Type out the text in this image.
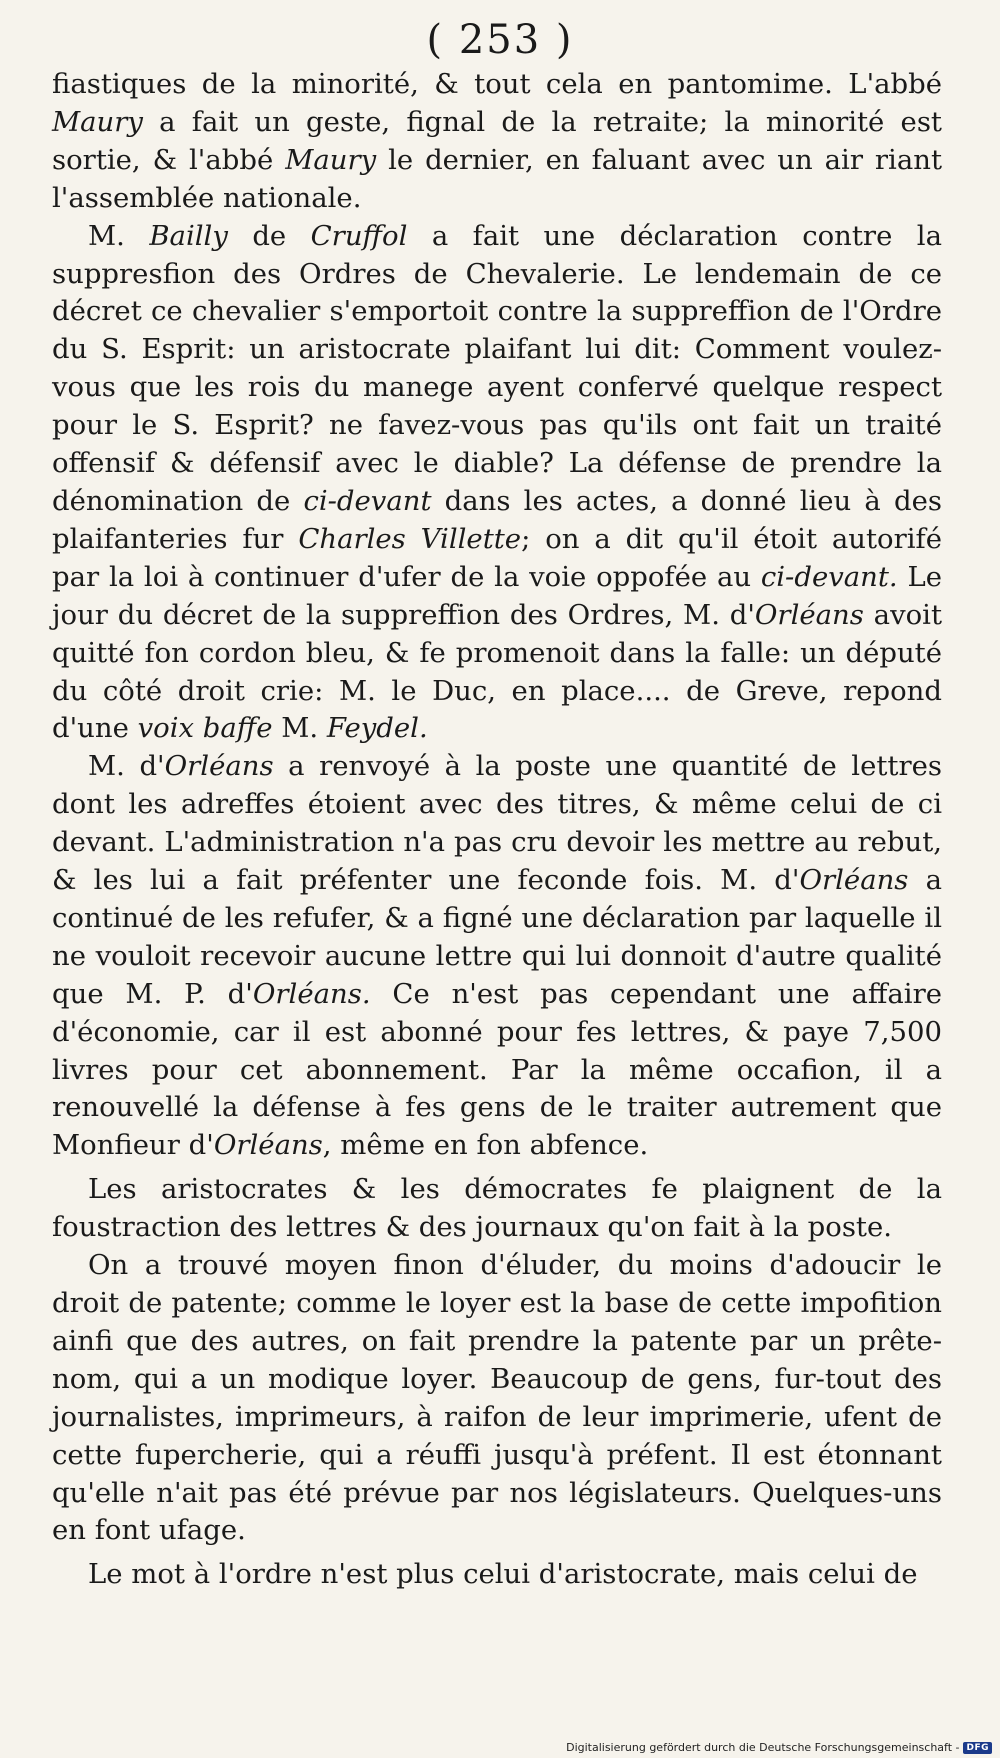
( 253 )

fiastiques de la minorité, & tout cela en pantomime. L'abbé Maury a fait un geste, fignal de la retraite; la minorité est sortie, & l'abbé Maury le dernier, en faluant avec un air riant l'assemblée nationale.

M. Bailly de Cruffol a fait une déclaration contre la suppresfion des Ordres de Chevalerie. Le lendemain de ce décret ce chevalier s'emportoit contre la suppreffion de l'Ordre du S. Esprit: un aristocrate plaifant lui dit: Comment voulez-vous que les rois du manege ayent confervé quelque respect pour le S. Esprit? ne favez-vous pas qu'ils ont fait un traité offensif & défensif avec le diable? La défense de prendre la dénomination de ci-devant dans les actes, a donné lieu à des plaifanteries fur Charles Villette; on a dit qu'il étoit autorifé par la loi à continuer d'ufer de la voie oppofée au ci-devant. Le jour du décret de la suppreffion des Ordres, M. d'Orléans avoit quitté fon cordon bleu, & fe promenoit dans la falle: un député du côté droit crie: M. le Duc, en place.... de Greve, repond d'une voix baffe M. Feydel.

M. d'Orléans a renvoyé à la poste une quantité de lettres dont les adreffes étoient avec des titres, & même celui de ci devant. L'administration n'a pas cru devoir les mettre au rebut, & les lui a fait préfenter une feconde fois. M. d'Orléans a continué de les refufer, & a figné une déclaration par laquelle il ne vouloit recevoir aucune lettre qui lui donnoit d'autre qualité que M. P. d'Orléans. Ce n'est pas cependant une affaire d'économie, car il est abonné pour fes lettres, & paye 7,500 livres pour cet abonnement. Par la même occafion, il a renouvellé la défense à fes gens de le traiter autrement que Monfieur d'Orléans, même en fon abfence.

Les aristocrates & les démocrates fe plaignent de la foustraction des lettres & des journaux qu'on fait à la poste.

On a trouvé moyen finon d'éluder, du moins d'adoucir le droit de patente; comme le loyer est la base de cette impofition ainfi que des autres, on fait prendre la patente par un prête-nom, qui a un modique loyer. Beaucoup de gens, fur-tout des journalistes, imprimeurs, à raifon de leur imprimerie, ufent de cette fupercherie, qui a réuffi jusqu'à préfent. Il est étonnant qu'elle n'ait pas été prévue par nos législateurs. Quelques-uns en font ufage.

Le mot à l'ordre n'est plus celui d'aristocrate, mais celui de

Digitalisierung gefördert durch die Deutsche Forschungsgemeinschaft - DFG
